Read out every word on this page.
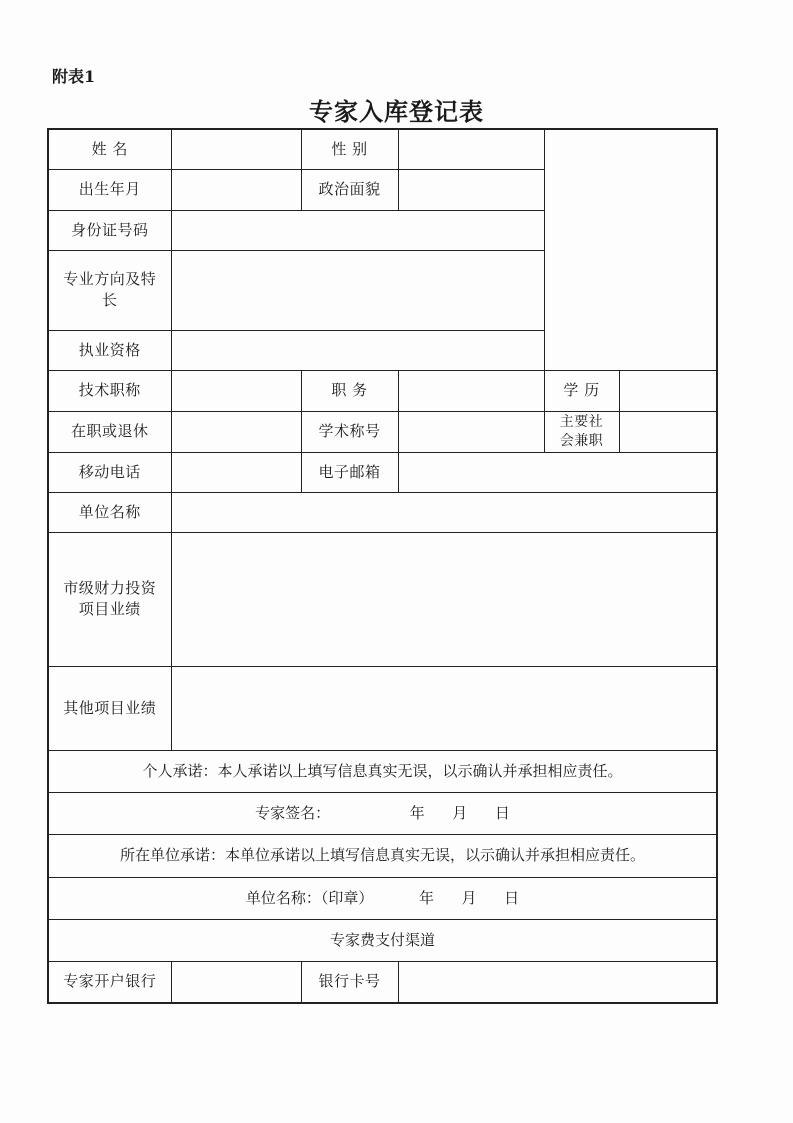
附表1
专家入库登记表
姓 名		性 别			
出生年月		政治面貌			
身份证号码					
专业方向及特长					
执业资格					
技术职称		职 务		学 历	
在职或退休		学术称号		主要社会兼职	
移动电话		电子邮箱			
单位名称					
市级财力投资项目业绩					
其他项目业绩					
个人承诺：本人承诺以上填写信息真实无误，以示确认并承担相应责任。					
专家签名： 年 月 日					
所在单位承诺：本单位承诺以上填写信息真实无误，以示确认并承担相应责任。					
单位名称：（印章） 年 月 日					
专家费支付渠道					
专家开户银行		银行卡号			
